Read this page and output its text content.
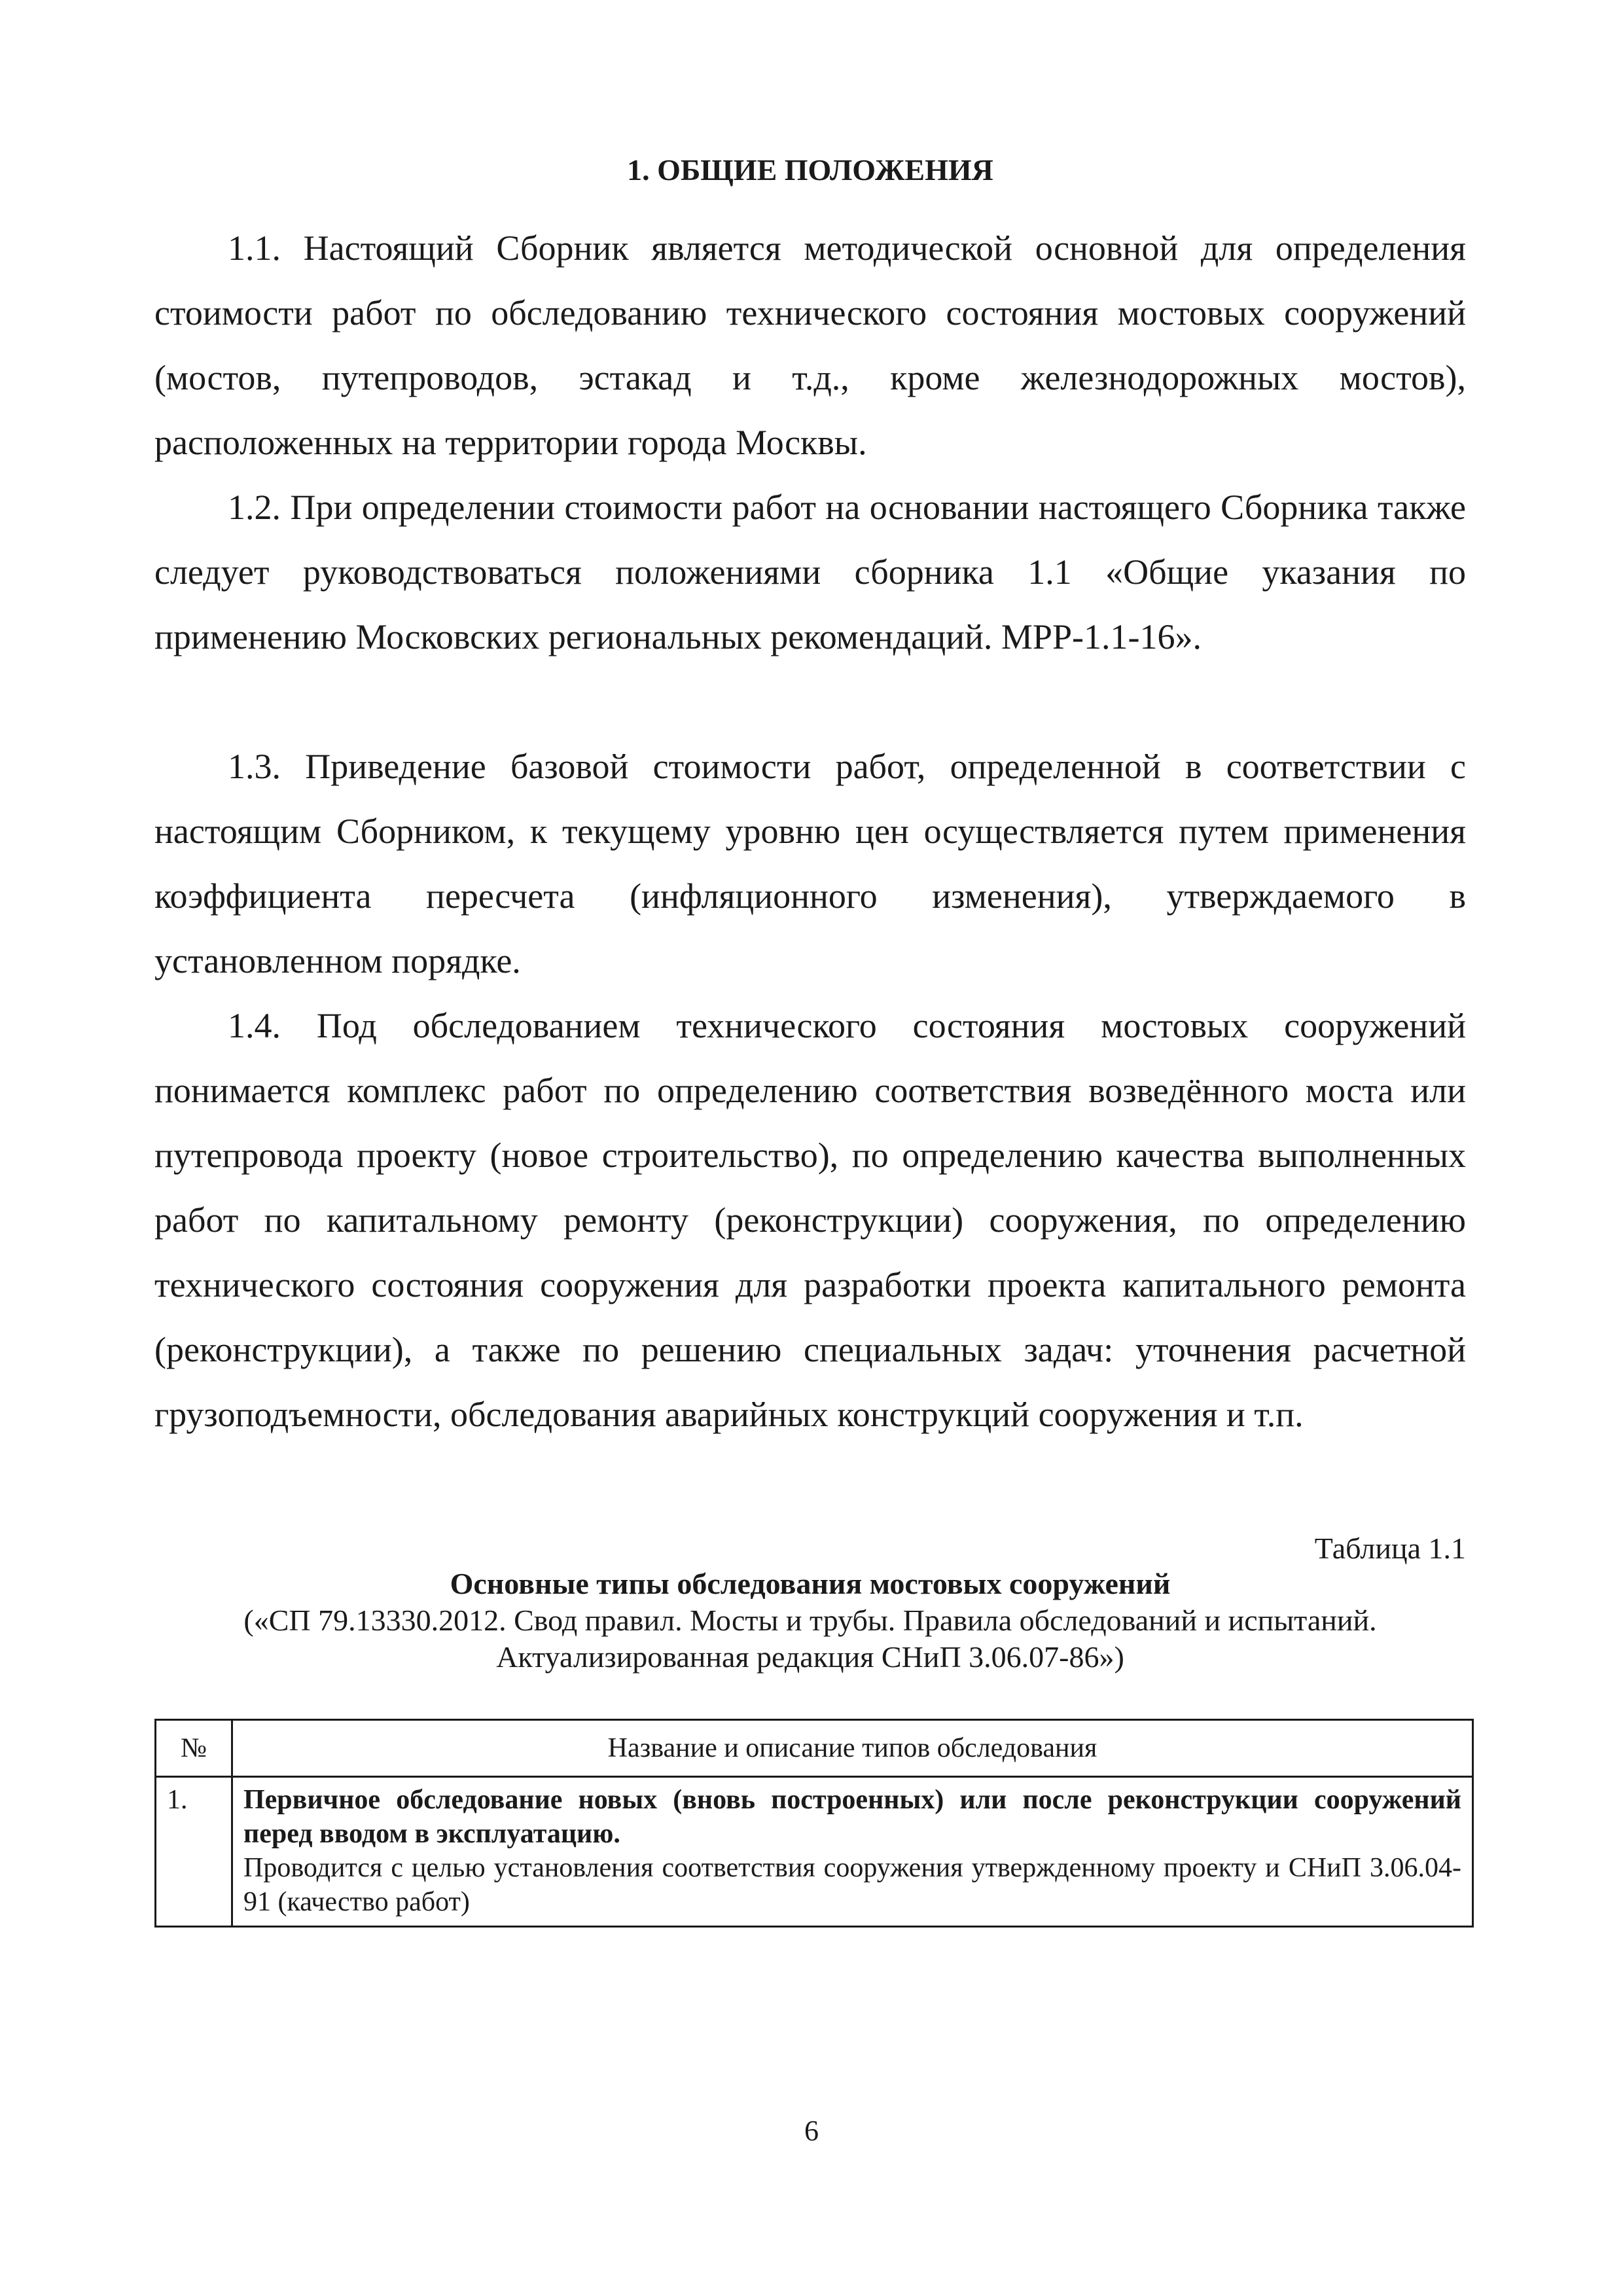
1. ОБЩИЕ ПОЛОЖЕНИЯ

1.1. Настоящий Сборник является методической основной для определения стоимости работ по обследованию технического состояния мостовых сооружений (мостов, путепроводов, эстакад и т.д., кроме железнодорожных мостов), расположенных на территории города Москвы.

1.2. При определении стоимости работ на основании настоящего Сборника также следует руководствоваться положениями сборника 1.1 «Общие указания по применению Московских региональных рекомендаций. МРР-1.1-16».

1.3. Приведение базовой стоимости работ, определенной в соответствии с настоящим Сборником, к текущему уровню цен осуществляется путем применения коэффициента пересчета (инфляционного изменения), утверждаемого в установленном порядке.

1.4. Под обследованием технического состояния мостовых сооружений понимается комплекс работ по определению соответствия возведённого моста или путепровода проекту (новое строительство), по определению качества выполненных работ по капитальному ремонту (реконструкции) сооружения, по определению технического состояния сооружения для разработки проекта капитального ремонта (реконструкции), а также по решению специальных задач: уточнения расчетной грузоподъемности, обследования аварийных конструкций сооружения и т.п.

Таблица 1.1

Основные типы обследования мостовых сооружений

(«СП 79.13330.2012. Свод правил. Мосты и трубы. Правила обследований и испытаний.
Актуализированная редакция СНиП 3.06.07-86»)
№	Название и описание типов обследования
1.	Первичное обследование новых (вновь построенных) или после реконструкции сооружений перед вводом в эксплуатацию.

Проводится с целью установления соответствия сооружения утвержденному проекту и СНиП 3.06.04-91 (качество работ)

6
